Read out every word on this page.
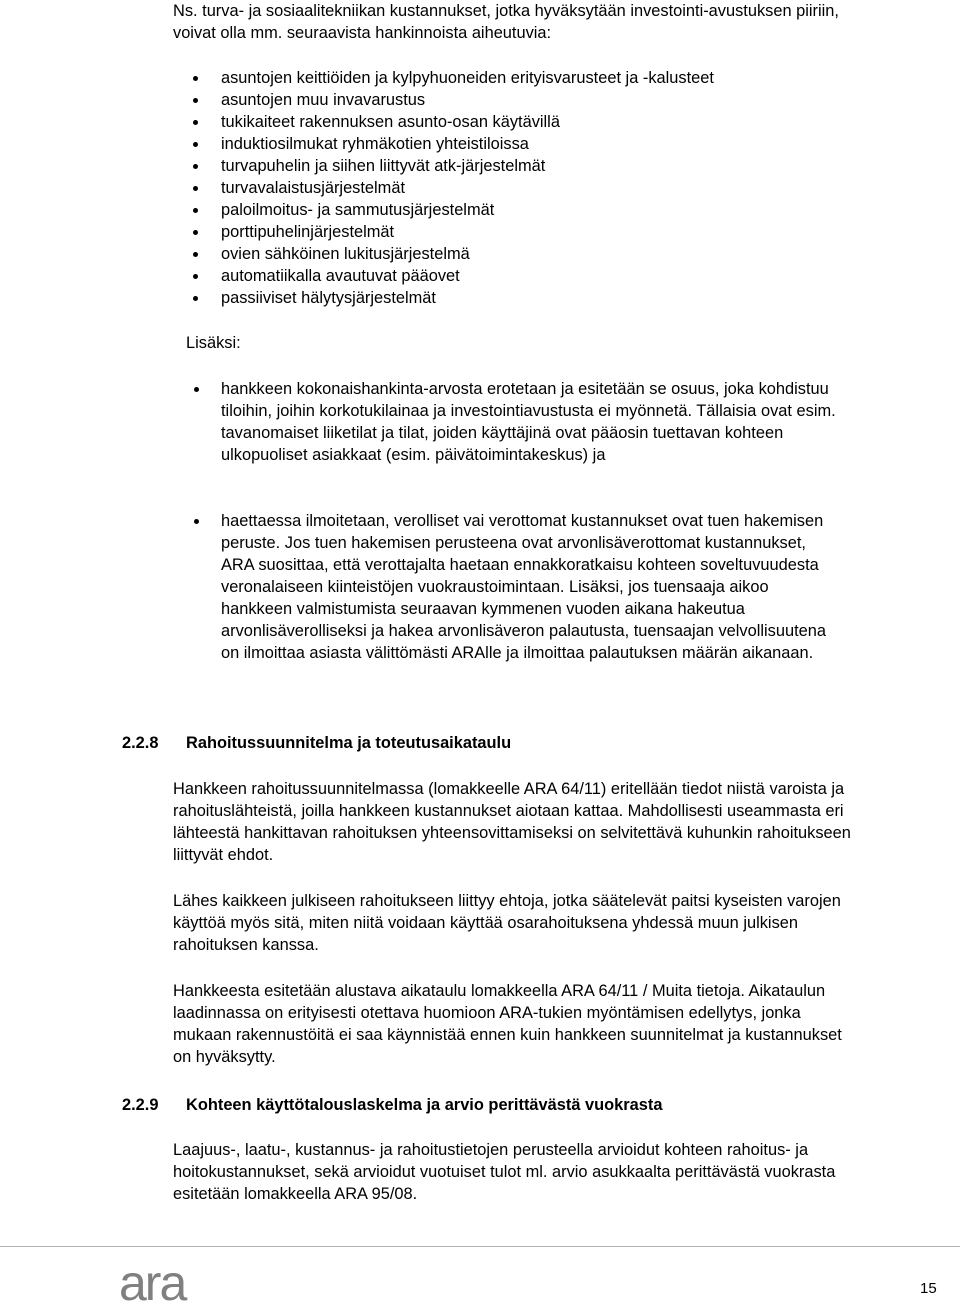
Ns. turva- ja sosiaalitekniikan kustannukset, jotka hyväksytään investointi-avustuksen piiriin, voivat olla mm. seuraavista hankinnoista aiheutuvia:
asuntojen keittiöiden ja kylpyhuoneiden erityisvarusteet ja -kalusteet
asuntojen muu invavarustus
tukikaiteet rakennuksen asunto-osan käytävillä
induktiosilmukat ryhmäkotien yhteistiloissa
turvapuhelin ja siihen liittyvät atk-järjestelmät
turvavalaistusjärjestelmät
paloilmoitus- ja sammutusjärjestelmät
porttipuhelinjärjestelmät
ovien sähköinen lukitusjärjestelmä
automatiikalla avautuvat pääovet
passiiviset hälytysjärjestelmät
Lisäksi:
hankkeen kokonaishankinta-arvosta erotetaan ja esitetään se osuus, joka kohdistuu tiloihin, joihin korkotukilainaa ja investointiavustusta ei myönnetä. Tällaisia ovat esim. tavanomaiset liiketilat ja tilat, joiden käyttäjinä ovat pääosin tuettavan kohteen ulkopuoliset asiakkaat (esim. päivätoimintakeskus) ja
haettaessa ilmoitetaan, verolliset vai verottomat kustannukset ovat tuen hakemisen peruste. Jos tuen hakemisen perusteena ovat arvonlisäverottomat kustannukset, ARA suosittaa, että verottajalta haetaan ennakkoratkaisu kohteen soveltuvuudesta veronalaiseen kiinteistöjen vuokraustoimintaan. Lisäksi, jos tuensaaja aikoo hankkeen valmistumista seuraavan kymmenen vuoden aikana hakeutua arvonlisäverolliseksi ja hakea arvonlisäveron palautusta, tuensaajan velvollisuutena on ilmoittaa asiasta välittömästi ARAlle ja ilmoittaa palautuksen määrän aikanaan.
2.2.8 Rahoitussuunnitelma ja toteutusaikataulu
Hankkeen rahoitussuunnitelmassa (lomakkeelle ARA 64/11) eritellään tiedot niistä varoista ja rahoituslähteistä, joilla hankkeen kustannukset aiotaan kattaa. Mahdollisesti useammasta eri lähteestä hankittavan rahoituksen yhteensovittamiseksi on selvitettävä kuhunkin rahoitukseen liittyvät ehdot.
Lähes kaikkeen julkiseen rahoitukseen liittyy ehtoja, jotka säätelevät paitsi kyseisten varojen käyttöä myös sitä, miten niitä voidaan käyttää osarahoituksena yhdessä muun julkisen rahoituksen kanssa.
Hankkeesta esitetään alustava aikataulu lomakkeella ARA 64/11 / Muita tietoja. Aikataulun laadinnassa on erityisesti otettava huomioon ARA-tukien myöntämisen edellytys, jonka mukaan rakennustöitä ei saa käynnistää ennen kuin hankkeen suunnitelmat ja kustannukset on hyväksytty.
2.2.9 Kohteen käyttötalouslaskelma ja arvio perittävästä vuokrasta
Laajuus-, laatu-, kustannus- ja rahoitustietojen perusteella arvioidut kohteen rahoitus- ja hoitokustannukset, sekä arvioidut vuotuiset tulot ml. arvio asukkaalta perittävästä vuokrasta esitetään lomakkeella ARA 95/08.
ara	15
